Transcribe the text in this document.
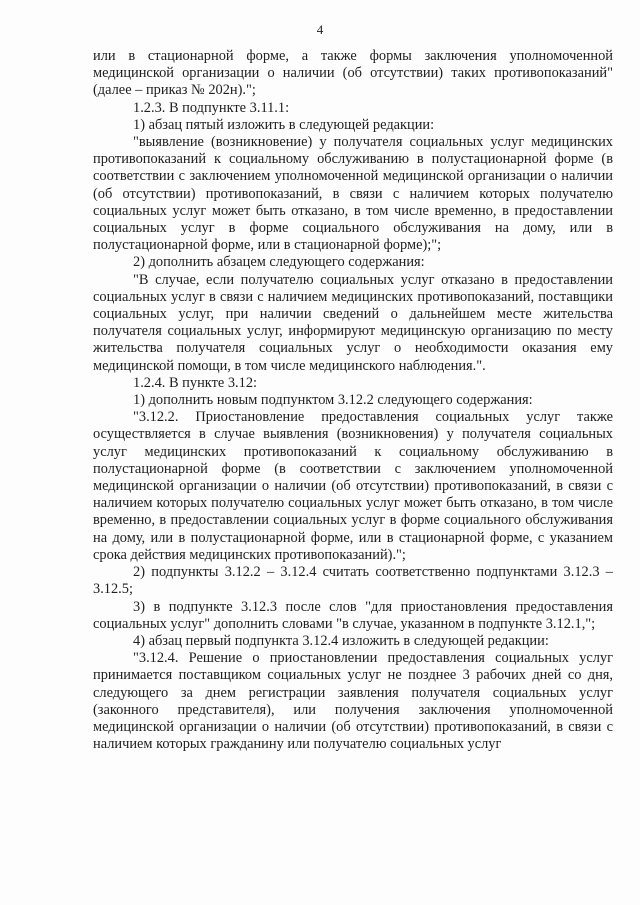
4

или в стационарной форме, а также формы заключения уполномоченной медицинской организации о наличии (об отсутствии) таких противопоказаний" (далее – приказ № 202н).";

1.2.3. В подпункте 3.11.1:

1) абзац пятый изложить в следующей редакции:

"выявление (возникновение) у получателя социальных услуг медицинских противопоказаний к социальному обслуживанию в полустационарной форме (в соответствии с заключением уполномоченной медицинской организации о наличии (об отсутствии) противопоказаний, в связи с наличием которых получателю социальных услуг может быть отказано, в том числе временно, в предоставлении социальных услуг в форме социального обслуживания на дому, или в полустационарной форме, или в стационарной форме);";

2) дополнить абзацем следующего содержания:

"В случае, если получателю социальных услуг отказано в предоставлении социальных услуг в связи с наличием медицинских противопоказаний, поставщики социальных услуг, при наличии сведений о дальнейшем месте жительства получателя социальных услуг, информируют медицинскую организацию по месту жительства получателя социальных услуг о необходимости оказания ему медицинской помощи, в том числе медицинского наблюдения.".

1.2.4. В пункте 3.12:

1) дополнить новым подпунктом 3.12.2 следующего содержания:

"3.12.2. Приостановление предоставления социальных услуг также осуществляется в случае выявления (возникновения) у получателя социальных услуг медицинских противопоказаний к социальному обслуживанию в полустационарной форме (в соответствии с заключением уполномоченной медицинской организации о наличии (об отсутствии) противопоказаний, в связи с наличием которых получателю социальных услуг может быть отказано, в том числе временно, в предоставлении социальных услуг в форме социального обслуживания на дому, или в полустационарной форме, или в стационарной форме, с указанием срока действия медицинских противопоказаний).";

2) подпункты 3.12.2 – 3.12.4 считать соответственно подпунктами 3.12.3 – 3.12.5;

3) в подпункте 3.12.3 после слов "для приостановления предоставления социальных услуг" дополнить словами "в случае, указанном в подпункте 3.12.1,";

4) абзац первый подпункта 3.12.4 изложить в следующей редакции:

"3.12.4. Решение о приостановлении предоставления социальных услуг принимается поставщиком социальных услуг не позднее 3 рабочих дней со дня, следующего за днем регистрации заявления получателя социальных услуг (законного представителя), или получения заключения уполномоченной медицинской организации о наличии (об отсутствии) противопоказаний, в связи с наличием которых гражданину или получателю социальных услуг
